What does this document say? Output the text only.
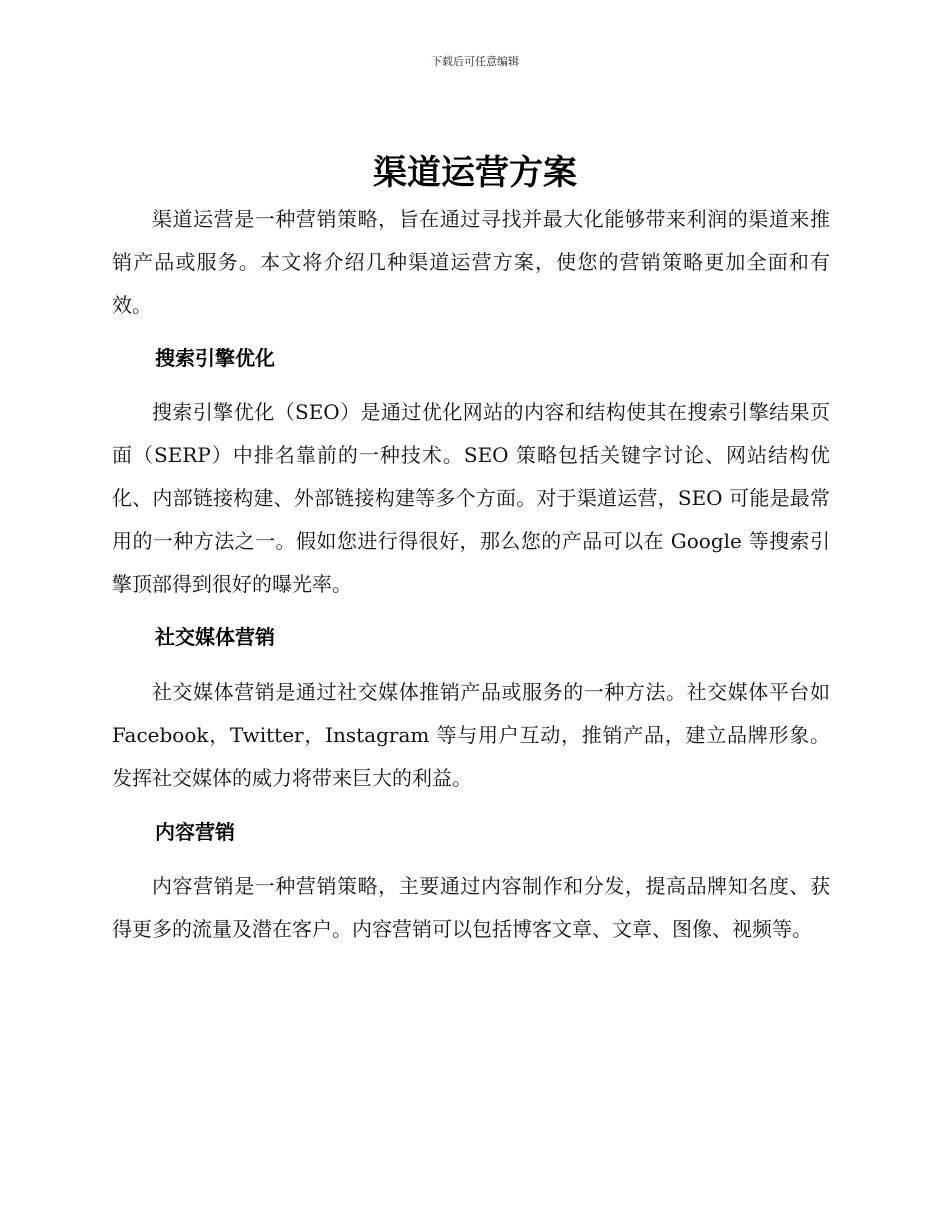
下载后可任意编辑
渠道运营方案

渠道运营是一种营销策略，旨在通过寻找并最大化能够带来利润的渠道来推销产品或服务。本文将介绍几种渠道运营方案，使您的营销策略更加全面和有效。

搜索引擎优化

搜索引擎优化（SEO）是通过优化网站的内容和结构使其在搜索引擎结果页面（SERP）中排名靠前的一种技术。SEO 策略包括关键字讨论、网站结构优化、内部链接构建、外部链接构建等多个方面。对于渠道运营，SEO 可能是最常用的一种方法之一。假如您进行得很好，那么您的产品可以在 Google 等搜索引擎顶部得到很好的曝光率。

社交媒体营销

社交媒体营销是通过社交媒体推销产品或服务的一种方法。社交媒体平台如 Facebook，Twitter，Instagram 等与用户互动，推销产品，建立品牌形象。发挥社交媒体的威力将带来巨大的利益。

内容营销

内容营销是一种营销策略，主要通过内容制作和分发，提高品牌知名度、获得更多的流量及潜在客户。内容营销可以包括博客文章、文章、图像、视频等。
